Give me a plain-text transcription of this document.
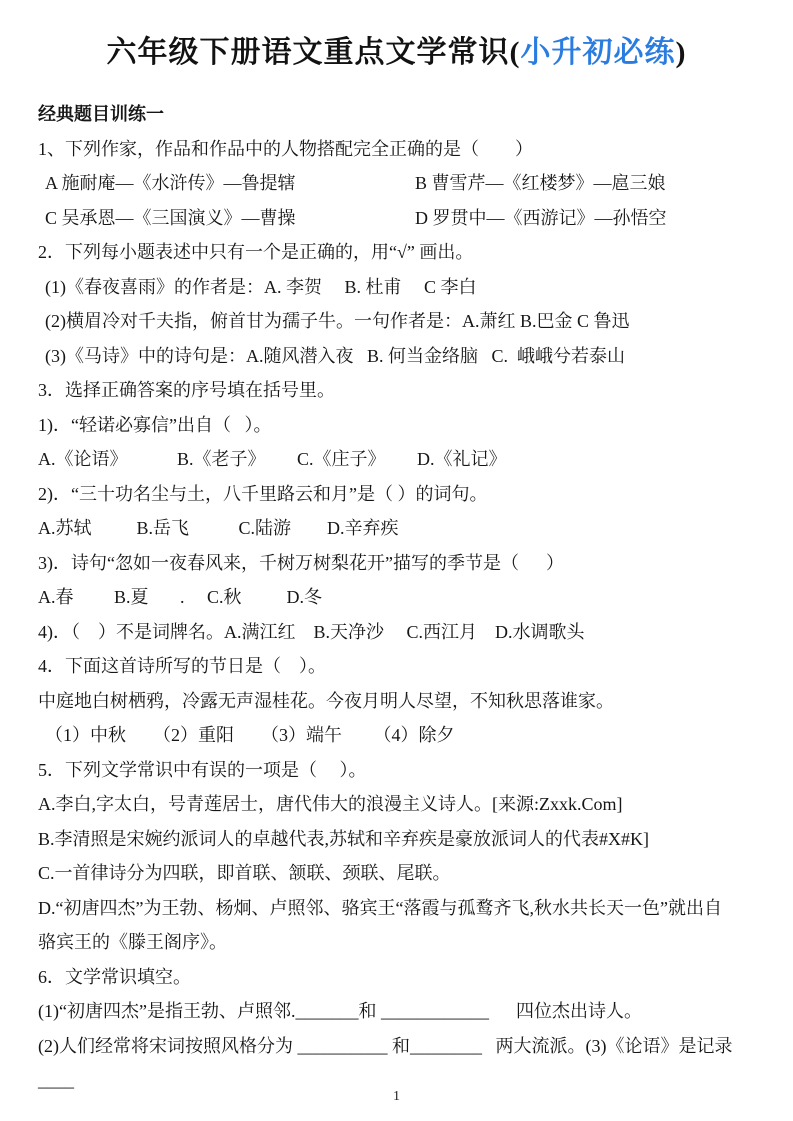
六年级下册语文重点文学常识(小升初必练)
经典题目训练一
1、下列作家，作品和作品中的人物搭配完全正确的是（        ）
A 施耐庵—《水浒传》—鲁提辖	B 曹雪芹—《红楼梦》—扈三娘
C 吴承恩—《三国演义》—曹操	D 罗贯中—《西游记》—孙悟空
2．下列每小题表述中只有一个是正确的，用“√” 画出。
(1)《春夜喜雨》的作者是：A. 李贺     B. 杜甫     C 李白
(2)横眉冷对千夫指，俯首甘为孺子牛。一句作者是：A.萧红 B.巴金 C 鲁迅
(3)《马诗》中的诗句是：A.随风潜入夜   B. 何当金络脑   C.  峨峨兮若泰山
3．选择正确答案的序号填在括号里。
1)．“轻诺必寡信”出自（   ）。
A.《论语》           B.《老子》       C.《庄子》       D.《礼记》
2)．“三十功名尘与土，八千里路云和月”是（ ）的词句。
A.苏轼          B.岳飞           C.陆游        D.辛弃疾
3)．诗句“忽如一夜春风来，千树万树梨花开”描写的季节是（      ）
A.春         B.夏       .     C.秋          D.冬
4)．（    ）不是词牌名。A.满江红    B.天净沙     C.西江月    D.水调歌头
4．下面这首诗所写的节日是（    ）。
中庭地白树栖鸦，冷露无声湿桂花。今夜月明人尽望，不知秋思落谁家。
（1）中秋      （2）重阳      （3）端午       （4）除夕
5．下列文学常识中有误的一项是（     ）。
A.李白,字太白，号青莲居士，唐代伟大的浪漫主义诗人。[来源:Zxxk.Com]
B.李清照是宋婉约派词人的卓越代表,苏轼和辛弃疾是豪放派词人的代表#X#K]
C.一首律诗分为四联，即首联、颔联、颈联、尾联。
D.“初唐四杰”为王勃、杨炯、卢照邻、骆宾王“落霞与孤鹜齐飞,秋水共长天一色”就出自
骆宾王的《滕王阁序》。
6．文学常识填空。
(1)“初唐四杰”是指王勃、卢照邻._______和 ____________      四位杰出诗人。
(2)人们经常将宋词按照风格分为 __________ 和________   两大流派。(3)《论语》是记录____
1
